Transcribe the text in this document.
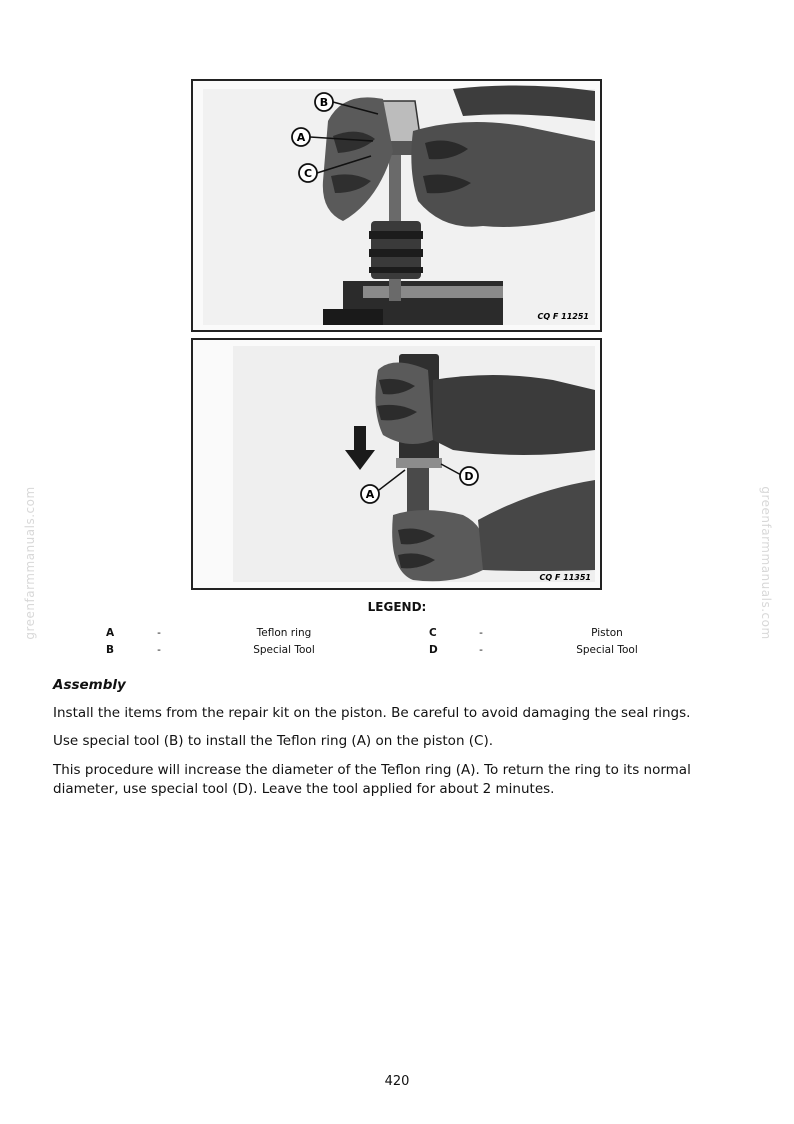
B
A
C
CQ F 11251
D
A
CQ F 11351
LEGEND:
A	-	Teflon ring	C	-	Piston
B	-	Special Tool	D	-	Special Tool
Assembly
Install the items from the repair kit on the piston. Be careful to avoid damaging the seal rings.
Use special tool (B) to install the Teflon ring (A) on the piston (C).
This procedure will increase the diameter of the Teflon ring (A). To return the ring to its normal diameter, use special tool (D). Leave the tool applied for about 2 minutes.
420
greenfarmmanuals.com	greenfarmmanuals.com
